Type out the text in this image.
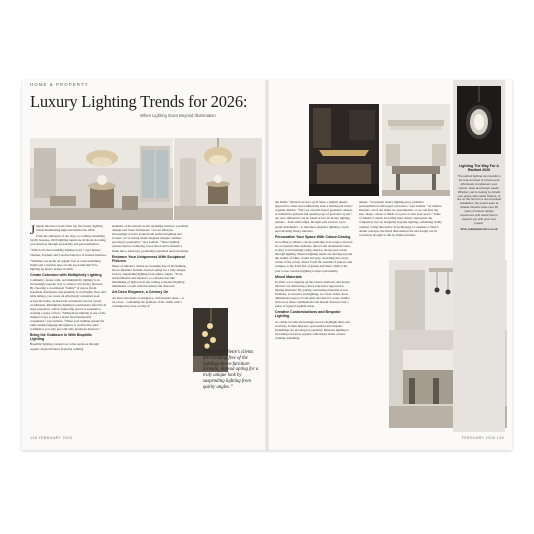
HOME & PROPERTY
Luxury Lighting Trends for 2026:
When Lighting Goes Beyond Illumination

Juliette Interiors reveals their top five luxury lighting trends illuminating high-end homes into 2026.

From the ambience of our days, to crafting something totally bespoke, 2026 lighting trends are all about elevating your interiors through personality and personalisation.

“2026 is all about utilising lighting as art,” says Juliette Thomas, Founder and Creative Director of Juliette Interiors.

“Whether you prefer an organic feel or want something bright and colourful, here are the top trends that’ll be lighting up luxury homes in 2026.

Create Cohesion with Multiplicity Lighting

Continuity creates calm, and multiplicity lighting is an increasingly popular way to achieve it in luxury interiors. By choosing a coordinated “family” of pieces (from statement chandeliers and pendants to wall lights, floor and table lamps), you create an effortlessly consistent look across the home, stylised and considered, but not overly coordinated. Multiplicity lighting is particularly effective in large properties, where connecting spaces is essential to creating a sense of flow. “Multiplicity lighting is one of the simplest ways to make a home feel intentionally considered,” says Juliette. “When your lighting speaks the same design language throughout, it creates that quiet confidence you only get with truly luxurious interiors.”

Bring the Outdoors In With Biophilic Lighting

Biophilic lighting connects us to the outdoors through organic-shaped fixtures featuring calming

elements of the natural world, including wisteria, woodland designs and cloud formations. “As our lifestyles increasingly revolve around both artificial lighting and screens, we’re seeing nature-inspired designs continue growing in popularity,” says Juliette. “These lighting options nurture wellbeing, boost mood and transform a home into a sanctuary, promoting relaxation and restoration.

Embrace Your Uniqueness With Sculptural Fixtures

Many of Juliette’s clients are breaking free of the lighting-above-furniture formula, instead opting for a truly unique look by suspending lighting from quirky angles. “Form environmental and shadows, to a masterclass like minimising of light across the ceiling, sculptural lighting illuminates a room with movement and character.

Art Deco Elegance, a Century On

Art Deco has made a resurgence, with modern takes – or two does – combining the glamour of the 1920s with a contemporary nose worthy of

“Many of Juliette’s clients are breaking free of the lighting-above-furniture formula, instead opting for a truly unique look by suspending lighting from quirky angles.”
138 FEBRUARY 2026

the 2020s. “Modern art deco style takes a slightly quieter approach to what was traditionally been a flamboyant trend,” explains Juliette. “The you can still expect geometric shapes, accumulative patterns and opulent pops of gold and crystal.” Art deco influences can be found across all luxury lighting options – from table lamps, through wall sconces, up to grand chandeliers – to introduce elegance lighting a room and elevating luxury interiors.

Personalise Your Space With Colour-Dosing

According to Juliette, colour-scattering is no longer reserved for accessories like cushions, throws and ornamental vases, as they’re increasingly being asked to incorporate colour through lighting. Modern lighting trends are moving beyond the realms of white, cream and grey, stretching into every corner of the colour wheel. From the warmth of yellows and oranges, to the fresh feel of greens and blues, 2026 is the year to use coloured lighting to inject personality.

Mixed Materials

In 2026, we’re dipping up the texture rulebook, and luxury interiors are embracing a more expressive approach to mixing materials. By pairing contrasting materials across furniture, accessories and lighting, we create richer, more dimensional spaces. From glass and metal to stone, leather and wood, these combinations add instant character and a sense of layered sophistication.

Creative Customisations and Bespoke Lighting

As clients become increasingly keen to highlight their own creativity in their interiors, personalised and bespoke furnishings are growing in popularity. Bespoke lighting is becoming ever more popular with luxury home owners wanting something

unique. “A bespoke luxury lighting piece promises personalisation with expert execution,” says Juliette. “At Juliette Interiors, all of our items are customisable, so we can alter the size, shape, colour or finish of a piece to suit your space.” Some of Juliette’s clients are letting their artistic expression run completely free by designing bespoke lighting, something totally original. Using innovative 3d technology to visualise a client’s dream concepts, the listed then ensures the end design can be accurately brought to life by skilled artisans.

Lighting The Way For A Radiant 2026
The perfect lighting can transform the look and feel of a home and effortlessly complement your interior, taste and design needs. Whether you’re looking to refresh your space with subtle fixtures, or are on the hunt for a one-of-a-kind installation, the expert team at Juliette Interiors have over 30 years of interior design experience and would love to support you with your next project.
Visit: julietteinteriors.co.uk
FEBRUARY 2026 139
